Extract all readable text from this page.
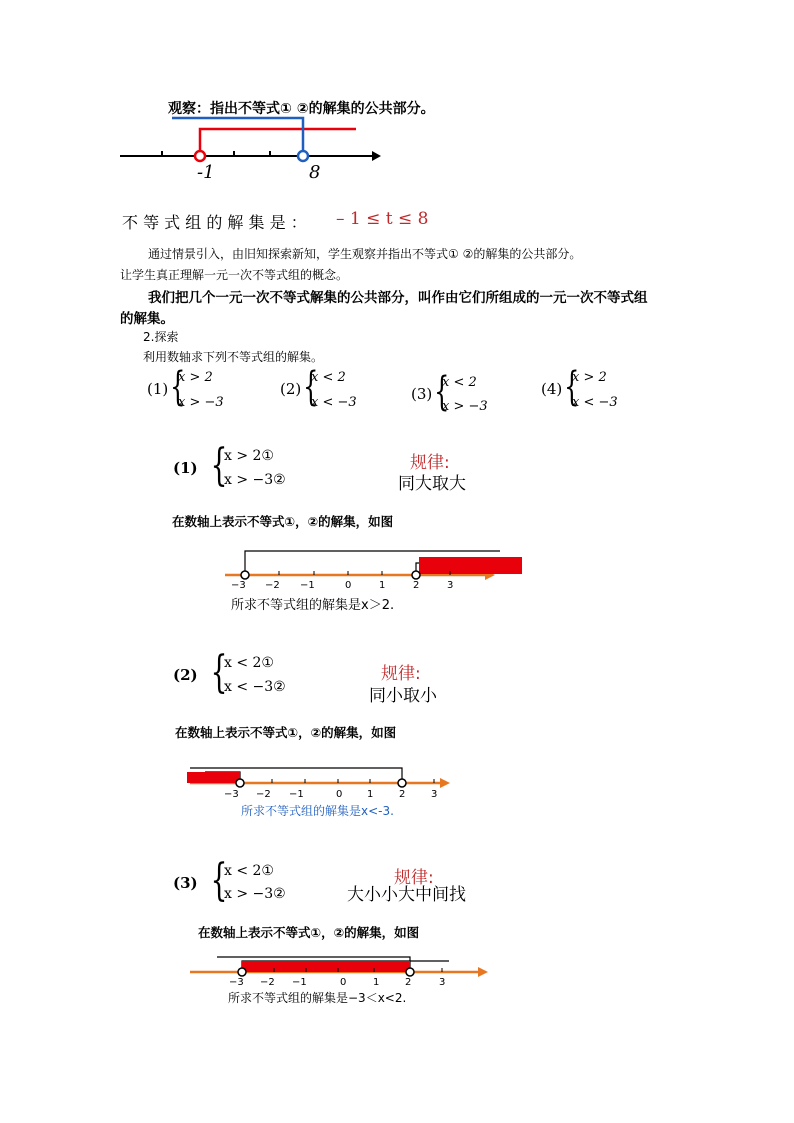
观察：指出不等式① ②的解集的公共部分。
-1	8
不 等 式 组 的 解 集 是 ： – 1 ≤ t ≤ 8
通过情景引入，由旧知探索新知，学生观察并指出不等式① ②的解集的公共部分。
让学生真正理解一元一次不等式组的概念。
我们把几个一元一次不等式解集的公共部分，叫作由它们所组成的一元一次不等式组
的解集。
2.探索
利用数轴求下列不等式组的解集。
(1) {
x > 2
x > −3
(2) {
x < 2
x < −3	(3) {
x < 2
x > −3
(4) {
x > 2
x < −3
(1) {
x > 2①
x > −3②
规律:
同大取大
在数轴上表示不等式①，②的解集，如图
−3 −2 −1	0	1	2	3
所求不等式组的解集是x＞2.
(2) {
x < 2①
x < −3②
规律:
同小取小
在数轴上表示不等式①，②的解集，如图
−3 −2 −1	0 1	2	3
所求不等式组的解集是x<-3.
(3) {
x < 2①
x > −3②
规律:
大小小大中间找
在数轴上表示不等式①，②的解集，如图
−3 −2 −1	0	1	2	3
所求不等式组的解集是−3＜x<2.
